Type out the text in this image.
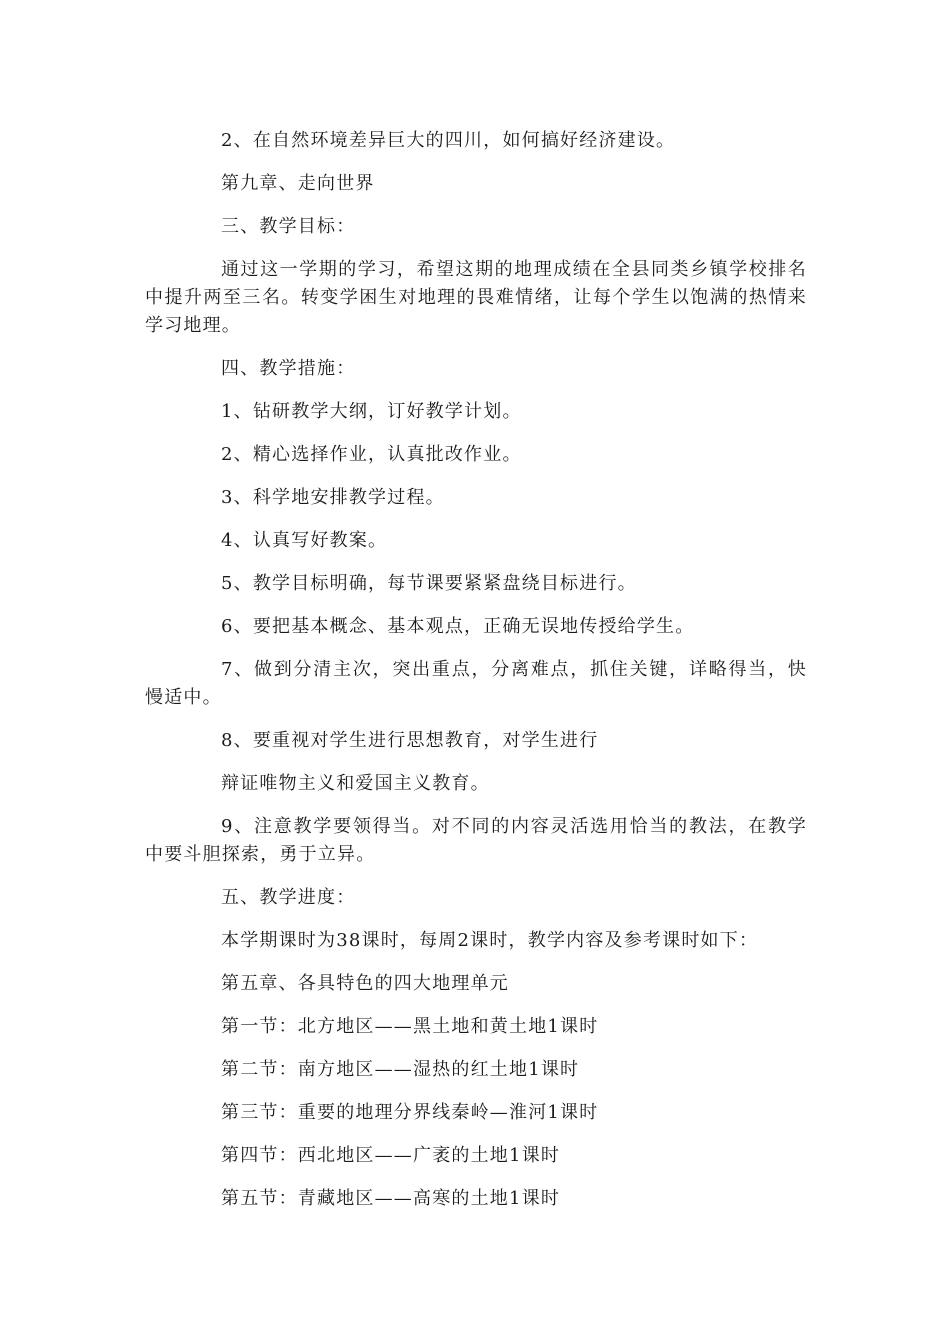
2、在自然环境差异巨大的四川，如何搞好经济建设。

第九章、走向世界

三、教学目标：

通过这一学期的学习，希望这期的地理成绩在全县同类乡镇学校排名中提升两至三名。转变学困生对地理的畏难情绪，让每个学生以饱满的热情来学习地理。

四、教学措施：

1、钻研教学大纲，订好教学计划。

2、精心选择作业，认真批改作业。

3、科学地安排教学过程。

4、认真写好教案。

5、教学目标明确，每节课要紧紧盘绕目标进行。

6、要把基本概念、基本观点，正确无误地传授给学生。

7、做到分清主次，突出重点，分离难点，抓住关键，详略得当，快慢适中。

8、要重视对学生进行思想教育，对学生进行

辩证唯物主义和爱国主义教育。

9、注意教学要领得当。对不同的内容灵活选用恰当的教法，在教学中要斗胆探索，勇于立异。

五、教学进度：

本学期课时为38课时，每周2课时，教学内容及参考课时如下：

第五章、各具特色的四大地理单元

第一节：北方地区——黑土地和黄土地1课时

第二节：南方地区——湿热的红土地1课时

第三节：重要的地理分界线秦岭—淮河1课时

第四节：西北地区——广袤的土地1课时

第五节：青藏地区——高寒的土地1课时
